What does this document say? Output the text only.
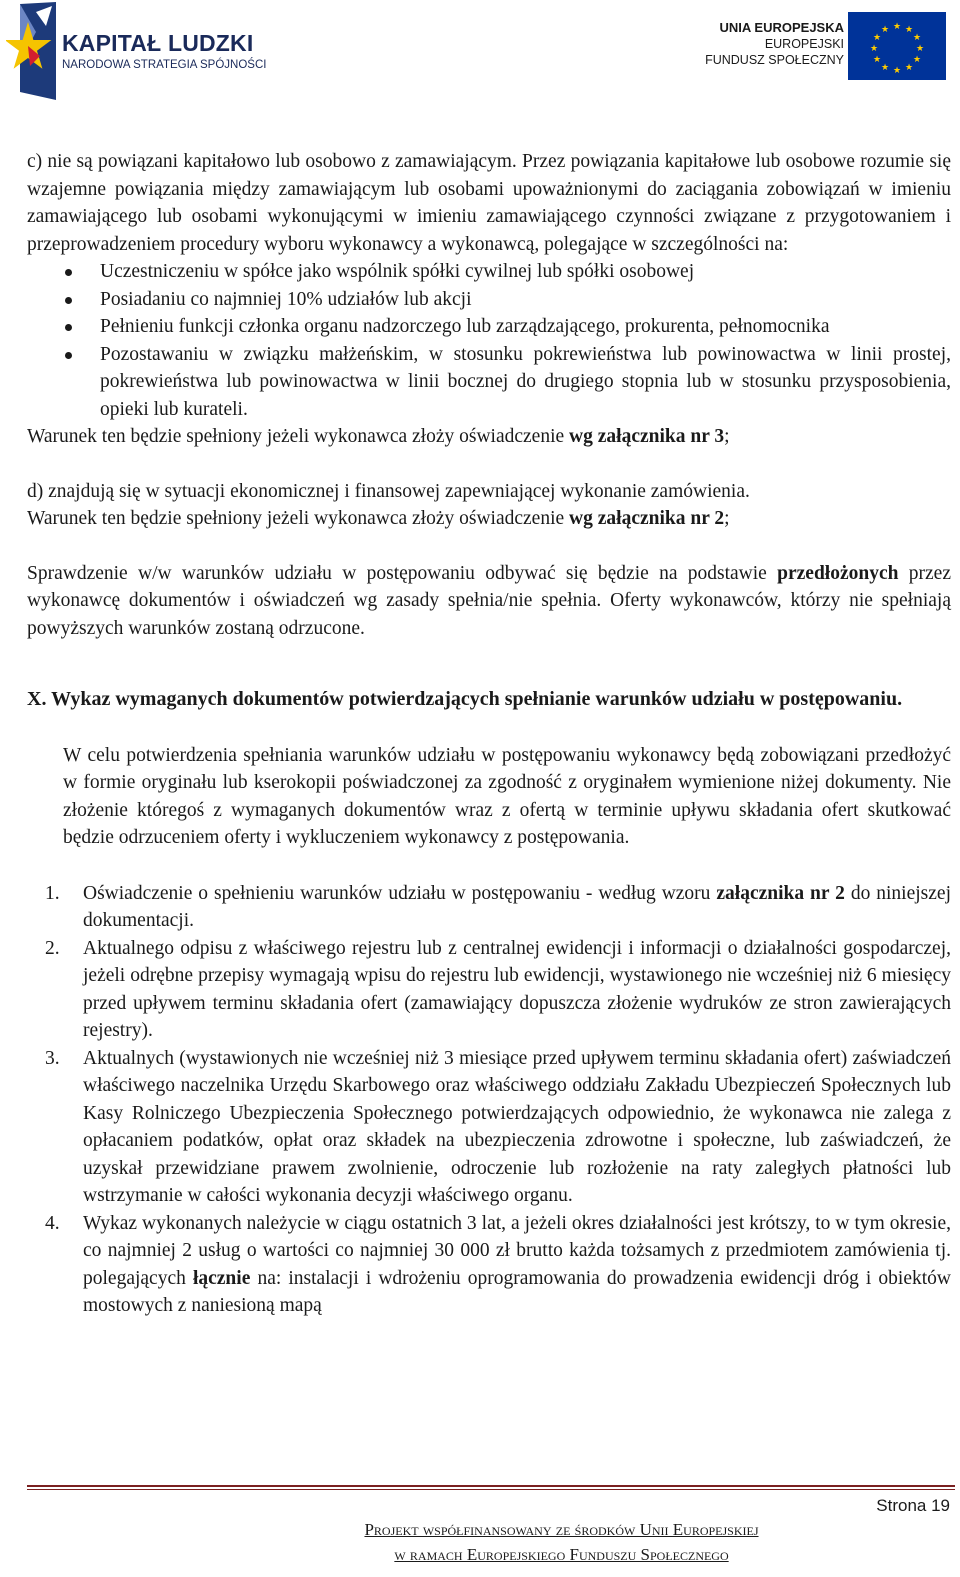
KAPITAŁ LUDZKI
NARODOWA STRATEGIA SPÓJNOŚCI
UNIA EUROPEJSKA
EUROPEJSKI
FUNDUSZ SPOŁECZNY
★ ★
★
★
★
★
★
★
★
★
★
★

c) nie są powiązani kapitałowo lub osobowo z zamawiającym. Przez powiązania kapitałowe lub osobowe rozumie się wzajemne powiązania między zamawiającym lub osobami upoważnionymi do zaciągania zobowiązań w imieniu zamawiającego lub osobami wykonującymi w imieniu zamawiającego czynności związane z przygotowaniem i przeprowadzeniem procedury wyboru wykonawcy a wykonawcą, polegające w szczególności na:

Uczestniczeniu w spółce jako wspólnik spółki cywilnej lub spółki osobowej
Posiadaniu co najmniej 10% udziałów lub akcji
Pełnieniu funkcji członka organu nadzorczego lub zarządzającego, prokurenta, pełnomocnika
Pozostawaniu w związku małżeńskim, w stosunku pokrewieństwa lub powinowactwa w linii prostej, pokrewieństwa lub powinowactwa w linii bocznej do drugiego stopnia lub w stosunku przysposobienia, opieki lub kurateli.

Warunek ten będzie spełniony jeżeli wykonawca złoży oświadczenie wg załącznika nr 3;

d) znajdują się w sytuacji ekonomicznej i finansowej zapewniającej wykonanie zamówienia.

Warunek ten będzie spełniony jeżeli wykonawca złoży oświadczenie wg załącznika nr 2;

Sprawdzenie w/w warunków udziału w postępowaniu odbywać się będzie na podstawie przedłożonych przez wykonawcę dokumentów i oświadczeń wg zasady spełnia/nie spełnia. Oferty wykonawców, którzy nie spełniają powyższych warunków zostaną odrzucone.

X. Wykaz wymaganych dokumentów potwierdzających spełnianie warunków udziału w postępowaniu.

W celu potwierdzenia spełniania warunków udziału w postępowaniu wykonawcy będą zobowiązani przedłożyć w formie oryginału lub kserokopii poświadczonej za zgodność z oryginałem wymienione niżej dokumenty. Nie złożenie któregoś z wymaganych dokumentów wraz z ofertą w terminie upływu składania ofert skutkować będzie odrzuceniem oferty i wykluczeniem wykonawcy z postępowania.

1. Oświadczenie o spełnieniu warunków udziału w postępowaniu - według wzoru załącznika nr 2 do niniejszej dokumentacji.
2. Aktualnego odpisu z właściwego rejestru lub z centralnej ewidencji i informacji o działalności gospodarczej, jeżeli odrębne przepisy wymagają wpisu do rejestru lub ewidencji, wystawionego nie wcześniej niż 6 miesięcy przed upływem terminu składania ofert (zamawiający dopuszcza złożenie wydruków ze stron zawierających rejestry).
3. Aktualnych (wystawionych nie wcześniej niż 3 miesiące przed upływem terminu składania ofert) zaświadczeń właściwego naczelnika Urzędu Skarbowego oraz właściwego oddziału Zakładu Ubezpieczeń Społecznych lub Kasy Rolniczego Ubezpieczenia Społecznego potwierdzających odpowiednio, że wykonawca nie zalega z opłacaniem podatków, opłat oraz składek na ubezpieczenia zdrowotne i społeczne, lub zaświadczeń, że uzyskał przewidziane prawem zwolnienie, odroczenie lub rozłożenie na raty zaległych płatności lub wstrzymanie w całości wykonania decyzji właściwego organu.
4. Wykaz wykonanych należycie w ciągu ostatnich 3 lat, a jeżeli okres działalności jest krótszy, to w tym okresie, co najmniej 2 usług o wartości co najmniej 30 000 zł brutto każda tożsamych z przedmiotem zamówienia tj. polegających łącznie na: instalacji i wdrożeniu oprogramowania do prowadzenia ewidencji dróg i obiektów mostowych z naniesioną mapą
Strona 19
Projekt współfinansowany ze środków Unii Europejskiej
w ramach Europejskiego Funduszu Społecznego
